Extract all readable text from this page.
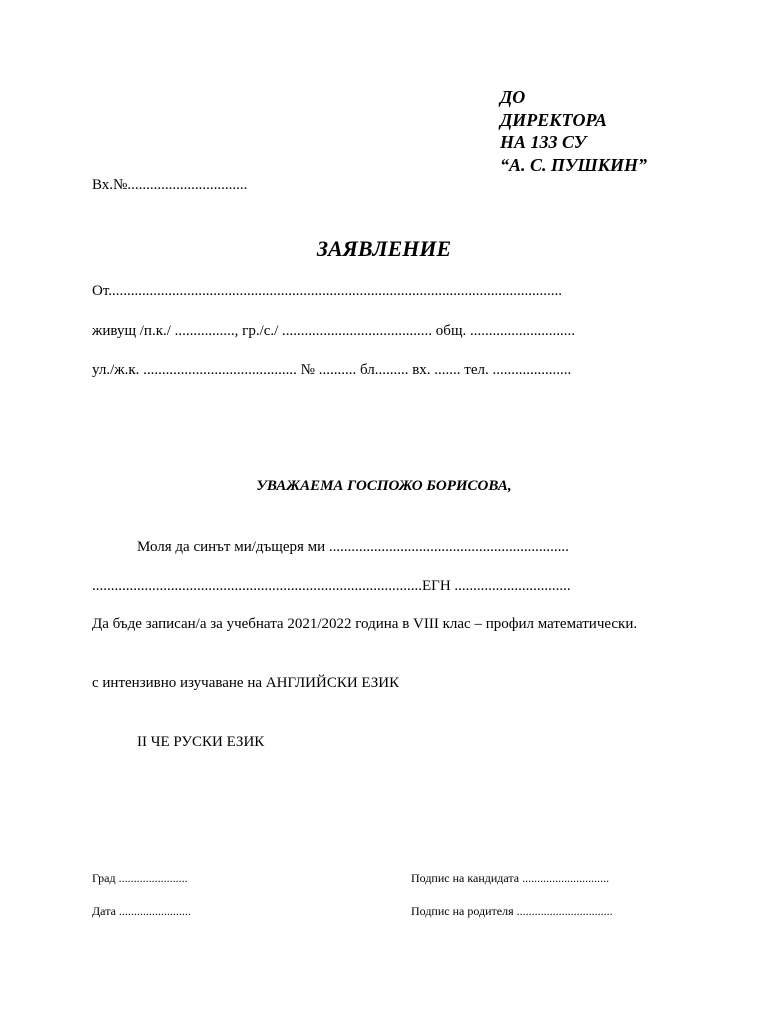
ДО
ДИРЕКТОРА
НА 133 СУ
“А. С. ПУШКИН”
Вх.№................................
ЗАЯВЛЕНИЕ
От.........................................................................................................................
живущ /п.к./ ................, гр./с./ ........................................ общ. ............................
ул./ж.к. ......................................... № .......... бл......... вх. ....... тел. .....................
УВАЖАЕМА ГОСПОЖО БОРИСОВА,
Моля да синът ми/дъщеря ми ................................................................
........................................................................................ЕГН ...............................
Да бъде записан/а за учебната 2021/2022 година в VIII клас – профил математически.
с интензивно изучаване на АНГЛИЙСКИ ЕЗИК
II ЧЕ РУСКИ ЕЗИК
Град .......................
Дата ........................
Подпис на кандидата .............................
Подпис на родителя ................................
